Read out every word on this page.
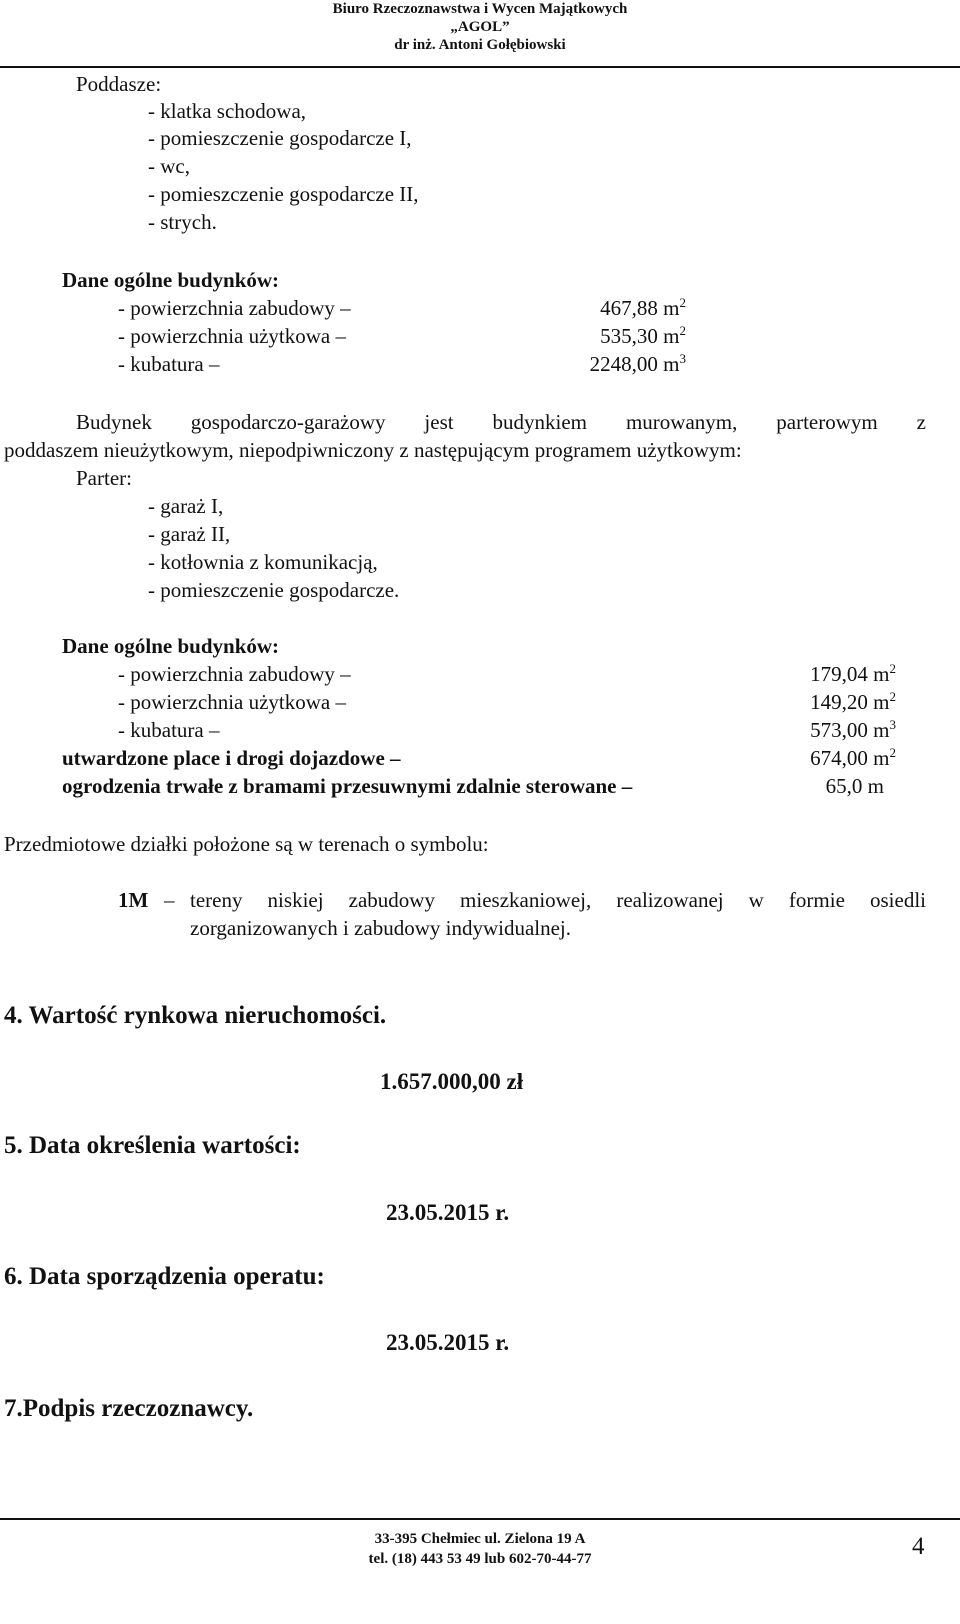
Biuro Rzeczoznawstwa i Wycen Majątkowych
„AGOL”
dr inż. Antoni Gołębiowski
Poddasze:
- klatka schodowa,
- pomieszczenie gospodarcze I,
- wc,
- pomieszczenie gospodarcze II,
- strych.
Dane ogólne budynków:
- powierzchnia zabudowy –	467,88 $m^2$
- powierzchnia użytkowa –	535,30 $m^2$
- kubatura –	2248,00 $m^3$
Budynek gospodarczo-garażowy jest budynkiem murowanym, parterowym z
poddaszem nieużytkowym, niepodpiwniczony z następującym programem użytkowym:
Parter:
- garaż I,
- garaż II,
- kotłownia z komunikacją,
- pomieszczenie gospodarcze.
Dane ogólne budynków:
- powierzchnia zabudowy –	179,04 $m^2$
- powierzchnia użytkowa –	149,20 $m^2$
- kubatura –	573,00 $m^3$
utwardzone place i drogi dojazdowe –	674,00 $m^2$
ogrodzenia trwałe z bramami przesuwnymi zdalnie sterowane –	65,0 m
Przedmiotowe działki położone są w terenach o symbolu:
1M – tereny niskiej zabudowy mieszkaniowej, realizowanej w formie osiedli
zorganizowanych i zabudowy indywidualnej.
4. Wartość rynkowa nieruchomości.
1.657.000,00 zł
5. Data określenia wartości:
23.05.2015 r.
6. Data sporządzenia operatu:
23.05.2015 r.
7.Podpis rzeczoznawcy.
33-395 Chełmiec ul. Zielona 19 A
tel. (18) 443 53 49 lub 602-70-44-77	4
